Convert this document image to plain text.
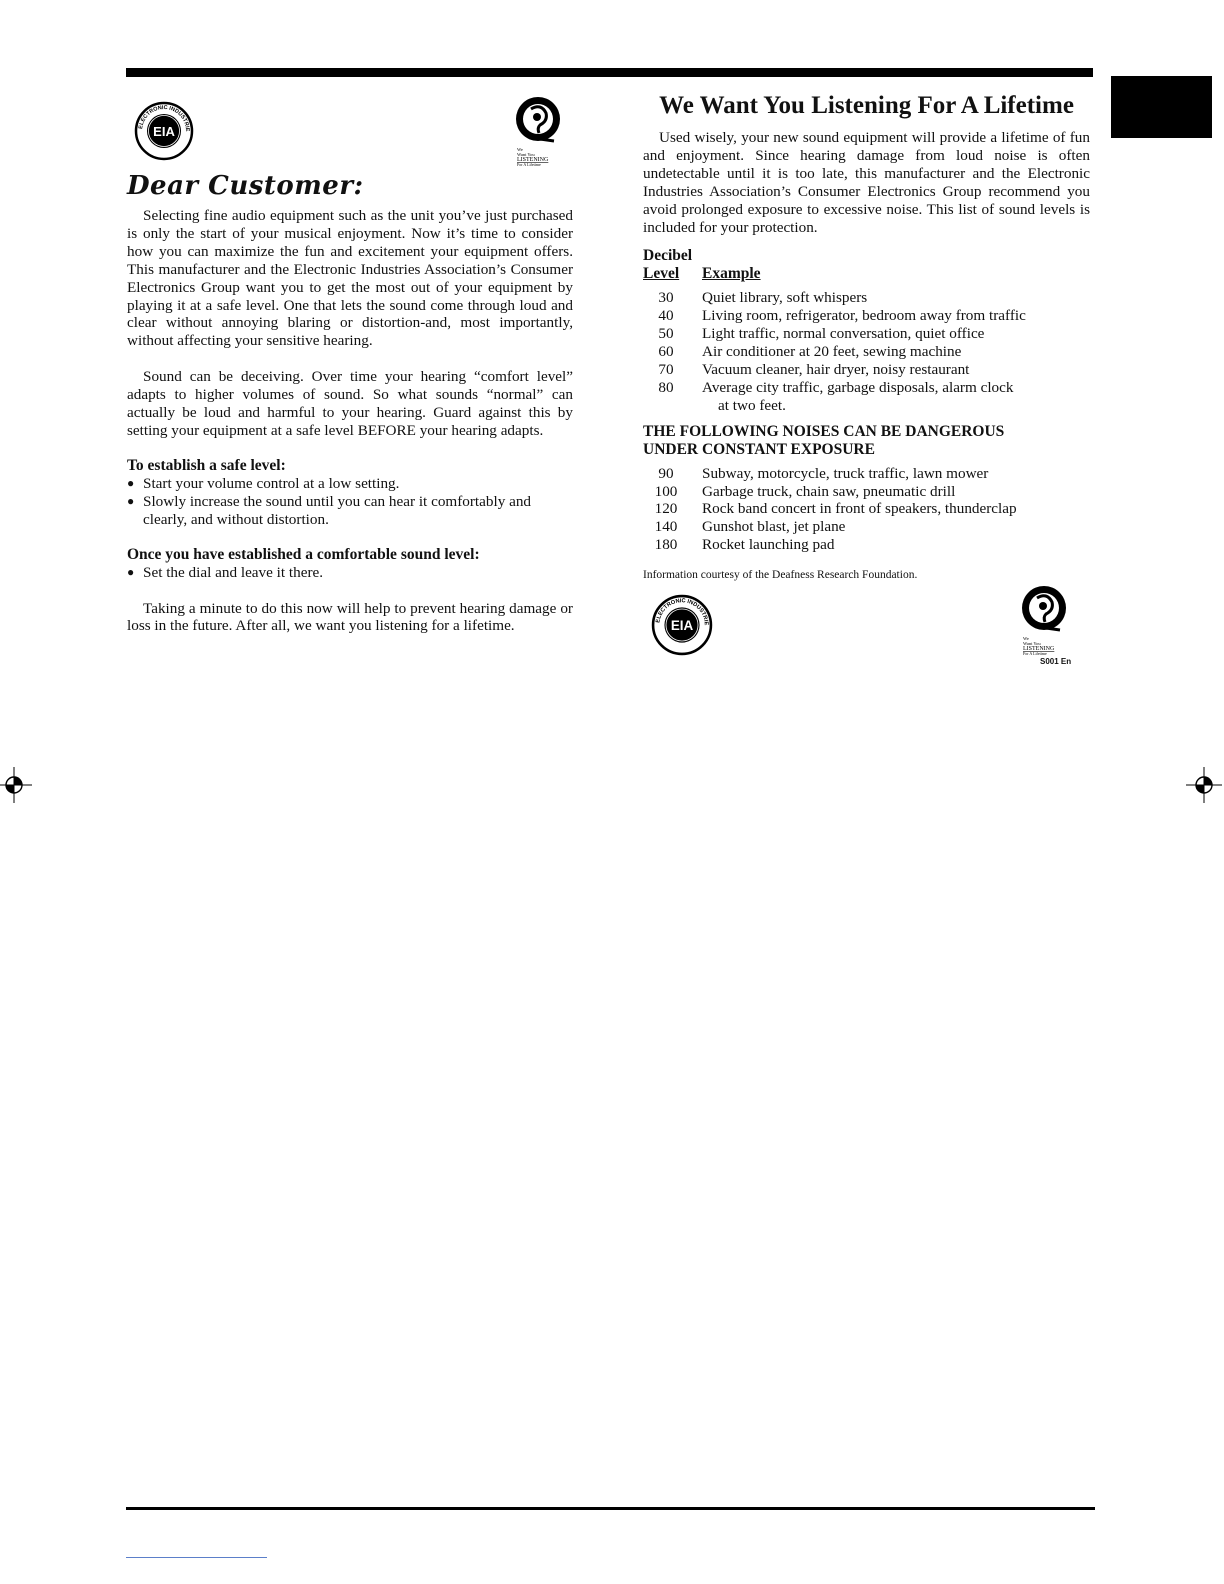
EIA
ELECTRONIC INDUSTRIE
We
Want You
LISTENING
For A Lifetime
Dear Customer:

Selecting fine audio equipment such as the unit you’ve just purchased is only the start of your musical enjoyment. Now it’s time to consider how you can maximize the fun and excitement your equipment offers. This manufacturer and the Electronic Industries Association’s Consumer Electronics Group want you to get the most out of your equipment by playing it at a safe level. One that lets the sound come through loud and clear without annoying blaring or distortion-and, most importantly, without affecting your sensitive hearing.

Sound can be deceiving. Over time your hearing “comfort level” adapts to higher volumes of sound. So what sounds “normal” can actually be loud and harmful to your hearing. Guard against this by setting your equipment at a safe level BEFORE your hearing adapts.

To establish a safe level:

● Start your volume control at a low setting.
● Slowly increase the sound until you can hear it comfortably and clearly, and without distortion.

Once you have established a comfortable sound level:

● Set the dial and leave it there.

Taking a minute to do this now will help to prevent hearing damage or loss in the future. After all, we want you listening for a lifetime.

We Want You Listening For A Lifetime

Used wisely, your new sound equipment will provide a lifetime of fun and enjoyment. Since hearing damage from loud noise is often undetectable until it is too late, this manufacturer and the Electronic Industries Association’s Consumer Electronics Group recommend you avoid prolonged exposure to excessive noise. This list of sound levels is included for your protection.

Decibel
Level	Example
30	Quiet library, soft whispers
40	Living room, refrigerator, bedroom away from traffic
50	Light traffic, normal conversation, quiet office
60	Air conditioner at 20 feet, sewing machine
70	Vacuum cleaner, hair dryer, noisy restaurant
80	Average city traffic, garbage disposals, alarm clock
at two feet.

THE FOLLOWING NOISES CAN BE DANGEROUS
UNDER CONSTANT EXPOSURE

90	Subway, motorcycle, truck traffic, lawn mower
100	Garbage truck, chain saw, pneumatic drill
120	Rock band concert in front of speakers, thunderclap
140	Gunshot blast, jet plane
180	Rocket launching pad

Information courtesy of the Deafness Research Foundation.

EIA
ELECTRONIC INDUSTRIE
We
Want You
LISTENING
For A Lifetime
S001 En
